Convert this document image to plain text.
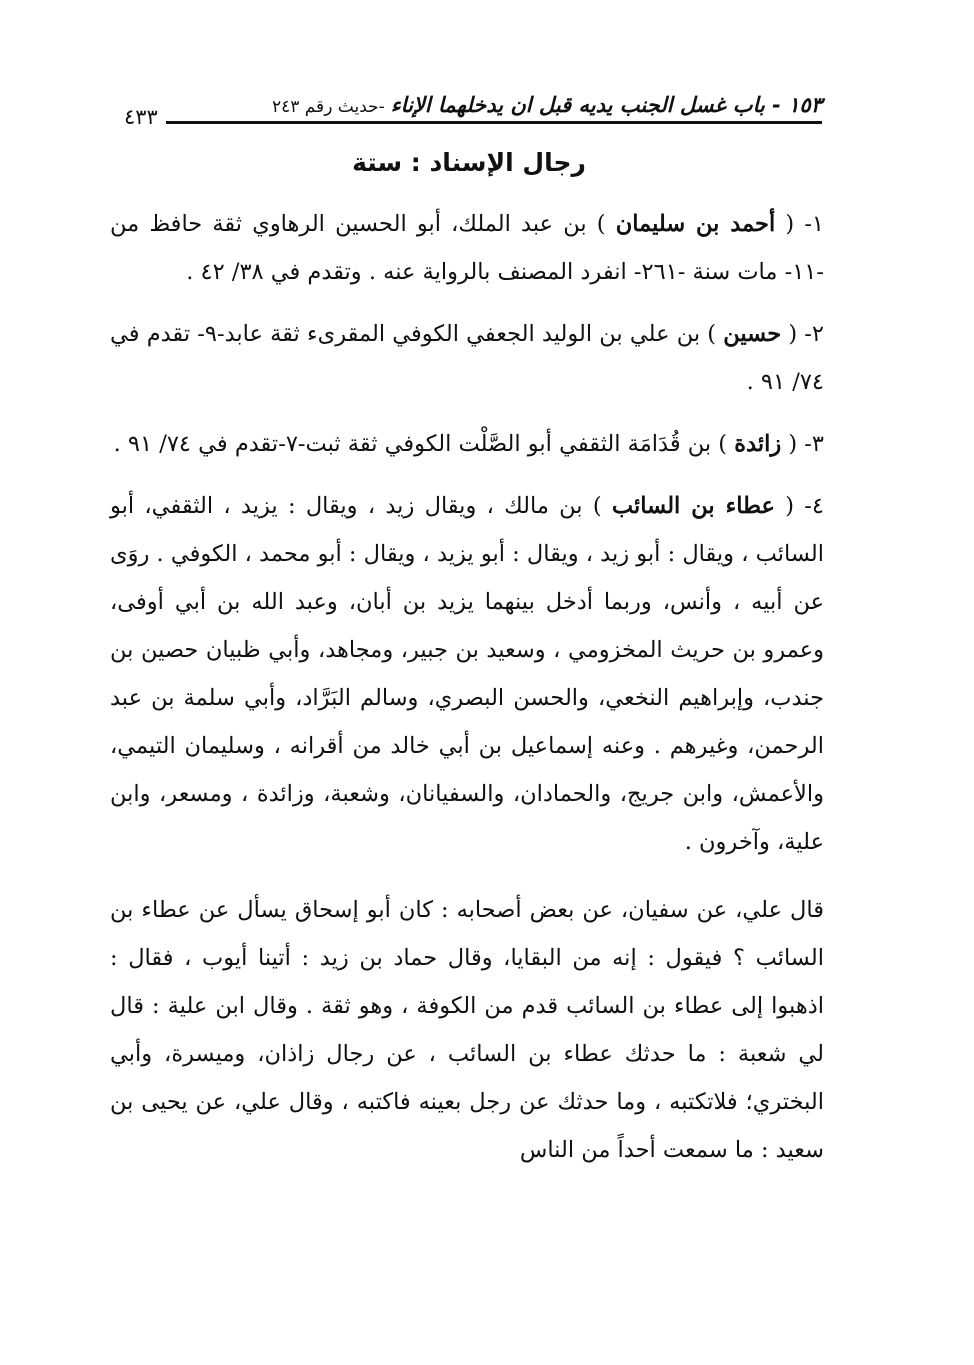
١٥٣ - باب غسل الجنب يديه قبل ان يدخلهما الإناء
-حديث رقم ٢٤٣
٤٣٣
رجال الإسناد : ستة

١- ( أحمد بن سليمان ) بن عبد الملك، أبو الحسين الرهاوي ثقة حافظ من -١١- مات سنة -٢٦١- انفرد المصنف بالرواية عنه . وتقدم في ٣٨/ ٤٢ .

٢- ( حسين ) بن علي بن الوليد الجعفي الكوفي المقرىء ثقة عابد-٩- تقدم في ٧٤/ ٩١ .

٣- ( زائدة ) بن قُدَامَة الثقفي أبو الصَّلْت الكوفي ثقة ثبت-٧-تقدم في ٧٤/ ٩١ .

٤- ( عطاء بن السائب ) بن مالك ، ويقال زيد ، ويقال : يزيد ، الثقفي، أبو السائب ، ويقال : أبو زيد ، ويقال : أبو يزيد ، ويقال : أبو محمد ، الكوفي . روَى عن أبيه ، وأنس، وربما أدخل بينهما يزيد بن أبان، وعبد الله بن أبي أوفى، وعمرو بن حريث المخزومي ، وسعيد بن جبير، ومجاهد، وأبي ظبيان حصين بن جندب، وإبراهيم النخعي، والحسن البصري، وسالم البَرَّاد، وأبي سلمة بن عبد الرحمن، وغيرهم . وعنه إسماعيل بن أبي خالد من أقرانه ، وسليمان التيمي، والأعمش، وابن جريج، والحمادان، والسفيانان، وشعبة، وزائدة ، ومسعر، وابن علية، وآخرون .

قال علي، عن سفيان، عن بعض أصحابه : كان أبو إسحاق يسأل عن عطاء بن السائب ؟ فيقول : إنه من البقايا، وقال حماد بن زيد : أتينا أيوب ، فقال : اذهبوا إلى عطاء بن السائب قدم من الكوفة ، وهو ثقة . وقال ابن علية : قال لي شعبة : ما حدثك عطاء بن السائب ، عن رجال زاذان، وميسرة، وأبي البختري؛ فلاتكتبه ، وما حدثك عن رجل بعينه فاكتبه ، وقال علي، عن يحيى بن سعيد : ما سمعت أحداً من الناس
